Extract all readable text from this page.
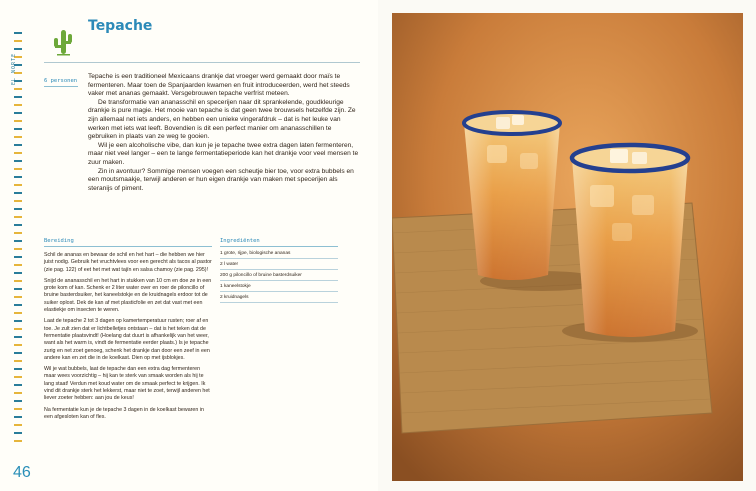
EL NORTE
46
Tepache
6 personen

Tepache is een traditioneel Mexicaans drankje dat vroeger werd gemaakt door maïs te fermenteren. Maar toen de Spanjaarden kwamen en fruit introduceerden, werd het steeds vaker met ananas gemaakt. Versgebrouwen tepache verfrist meteen.

De transformatie van ananasschil en specerijen naar dit sprankelende, goudkleurige drankje is pure magie. Het mooie van tepache is dat geen twee brouwsels hetzelfde zijn. Ze zijn allemaal net iets anders, en hebben een unieke vingerafdruk – dat is het leuke van werken met iets wat leeft. Bovendien is dit een perfect manier om ananasschillen te gebruiken in plaats van ze weg te gooien.

Wil je een alcoholische vibe, dan kun je je tepache twee extra dagen laten fermenteren, maar niet veel langer – een te lange fermentatieperiode kan het drankje voor veel mensen te zuur maken.

Zin in avontuur? Sommige mensen voegen een scheutje bier toe, voor extra bubbels en een moutsmaakje, terwijl anderen er hun eigen drankje van maken met specerijen als steranijs of piment.

Bereiding

Schil de ananas en bewaar de schil en het hart – die hebben we hier juist nodig. Gebruik het vruchtvlees voor een gerecht als tacos al pastor (zie pag. 122) of eet het met wat tajín en salsa chamoy (zie pag. 295)!

Snijd de ananasschil en het hart in stukken van 10 cm en doe ze in een grote kom of kan. Schenk er 2 liter water over en roer de piloncillo of bruine basterdsuiker, het kaneelstokje en de kruidnagels erdoor tot de suiker oplost. Dek de kan af met plasticfolie en zet dat vast met een elastiekje om insecten te weren.

Laat de tepache 2 tot 3 dagen op kamertemperatuur rusten; roer af en toe. Je zult zien dat er lichtbelletjes ontstaan – dat is het teken dat de fermentatie plaatsvindt! (Hoelang dat duurt is afhankelijk van het weer, want als het warm is, vindt de fermentatie eerder plaats.) Is je tepache zurig en net zoet genoeg, schenk het drankje dan door een zeef in een andere kan en zet die in de koelkast. Dien op met ijsblokjes.

Wil je wat bubbels, laat de tepache dan een extra dag fermenteren maar wees voorzichtig – hij kan te sterk van smaak worden als hij te lang staat! Verdun met koud water om de smaak perfect te krijgen. Ik vind dit drankje sterk het lekkerst, maar niet te zoet, terwijl anderen het liever zoeter hebben: aan jou de keus!

Na fermentatie kun je de tepache 3 dagen in de koelkast bewaren in een afgesloten kan of fles.

Ingrediënten
1 grote, rijpe, biologische ananas
2 l water
200 g piloncillo of bruine basterdsuiker
1 kaneelstokje
2 kruidnagels
